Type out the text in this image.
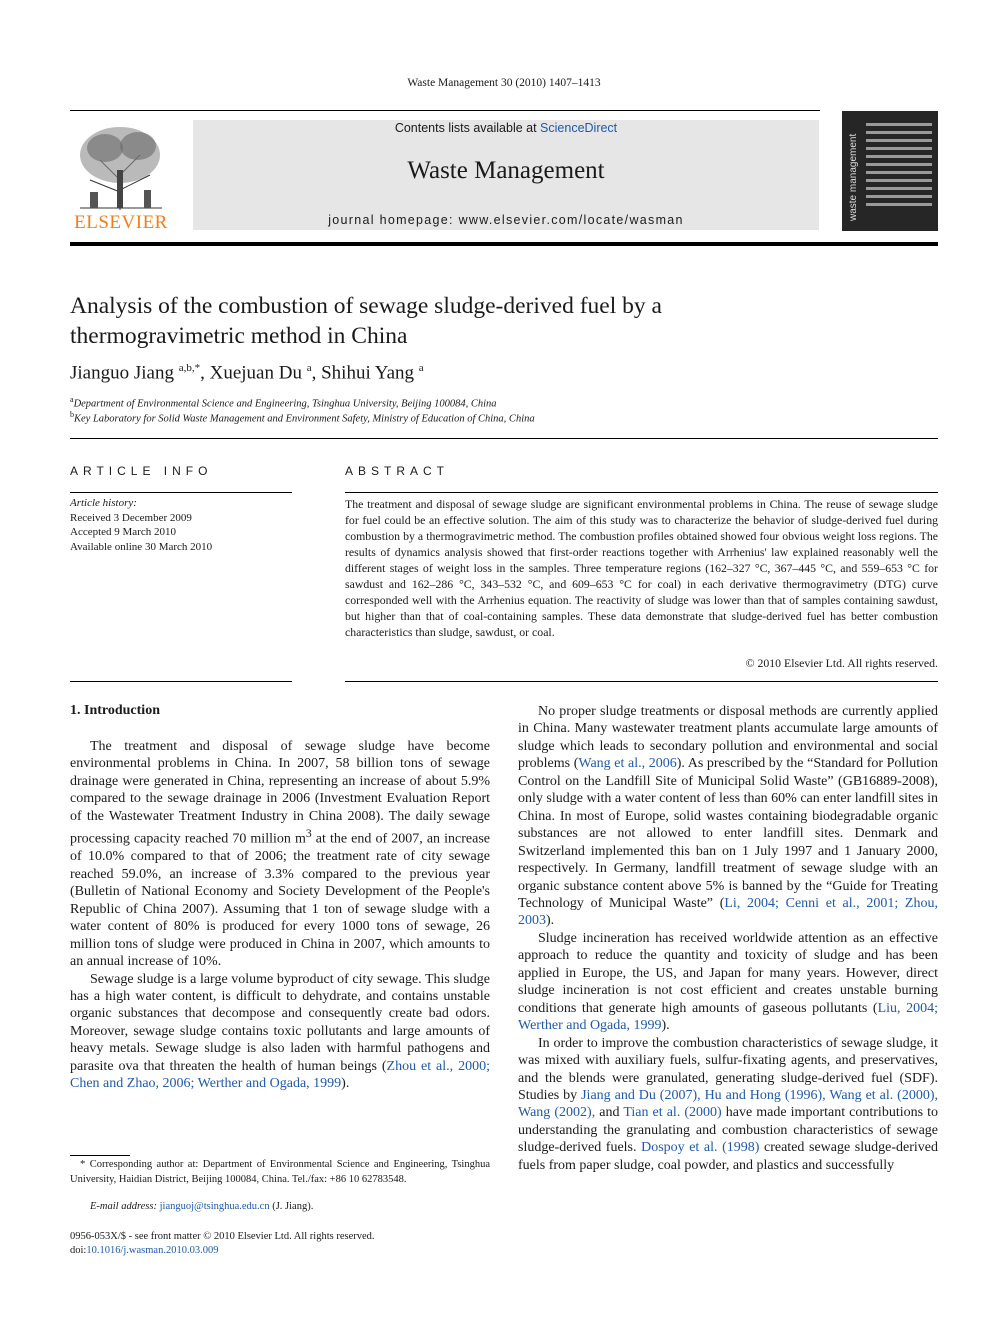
Waste Management 30 (2010) 1407–1413
ELSEVIER
Contents lists available at ScienceDirect
Waste Management
journal homepage: www.elsevier.com/locate/wasman	waste management
Analysis of the combustion of sewage sludge-derived fuel by a
thermogravimetric method in China
Jianguo Jiang $^{a,b,*}$, Xuejuan Du $^a$, Shihui Yang $^a$
$^a$Department of Environmental Science and Engineering, Tsinghua University, Beijing 100084, China
$^b$Key Laboratory for Solid Waste Management and Environment Safety, Ministry of Education of China, China
ARTICLE INFO
Article history:
Received 3 December 2009
Accepted 9 March 2010
Available online 30 March 2010
ABSTRACT
The treatment and disposal of sewage sludge are significant environmental problems in China. The reuse of sewage sludge for fuel could be an effective solution. The aim of this study was to characterize the behavior of sludge-derived fuel during combustion by a thermogravimetric method. The combustion profiles obtained showed four obvious weight loss regions. The results of dynamics analysis showed that first-order reactions together with Arrhenius' law explained reasonably well the different stages of weight loss in the samples. Three temperature regions (162–327 °C, 367–445 °C, and 559–653 °C for sawdust and 162–286 °C, 343–532 °C, and 609–653 °C for coal) in each derivative thermogravimetry (DTG) curve corresponded well with the Arrhenius equation. The reactivity of sludge was lower than that of samples containing sawdust, but higher than that of coal-containing samples. These data demonstrate that sludge-derived fuel has better combustion characteristics than sludge, sawdust, or coal.
© 2010 Elsevier Ltd. All rights reserved.
1. Introduction

The treatment and disposal of sewage sludge have become environmental problems in China. In 2007, 58 billion tons of sewage drainage were generated in China, representing an increase of about 5.9% compared to the sewage drainage in 2006 (Investment Evaluation Report of the Wastewater Treatment Industry in China 2008). The daily sewage processing capacity reached 70 million $m^3$ at the end of 2007, an increase of 10.0% compared to that of 2006; the treatment rate of city sewage reached 59.0%, an increase of 3.3% compared to the previous year (Bulletin of National Economy and Society Development of the People's Republic of China 2007). Assuming that 1 ton of sewage sludge with a water content of 80% is produced for every 1000 tons of sewage, 26 million tons of sludge were produced in China in 2007, which amounts to an annual increase of 10%.

Sewage sludge is a large volume byproduct of city sewage. This sludge has a high water content, is difficult to dehydrate, and contains unstable organic substances that decompose and consequently create bad odors. Moreover, sewage sludge contains toxic pollutants and large amounts of heavy metals. Sewage sludge is also laden with harmful pathogens and parasite ova that threaten the health of human beings (Zhou et al., 2000; Chen and Zhao, 2006; Werther and Ogada, 1999).

No proper sludge treatments or disposal methods are currently applied in China. Many wastewater treatment plants accumulate large amounts of sludge which leads to secondary pollution and environmental and social problems (Wang et al., 2006). As prescribed by the “Standard for Pollution Control on the Landfill Site of Municipal Solid Waste” (GB16889-2008), only sludge with a water content of less than 60% can enter landfill sites in China. In most of Europe, solid wastes containing biodegradable organic substances are not allowed to enter landfill sites. Denmark and Switzerland implemented this ban on 1 July 1997 and 1 January 2000, respectively. In Germany, landfill treatment of sewage sludge with an organic substance content above 5% is banned by the “Guide for Treating Technology of Municipal Waste” (Li, 2004; Cenni et al., 2001; Zhou, 2003).

Sludge incineration has received worldwide attention as an effective approach to reduce the quantity and toxicity of sludge and has been applied in Europe, the US, and Japan for many years. However, direct sludge incineration is not cost efficient and creates unstable burning conditions that generate high amounts of gaseous pollutants (Liu, 2004; Werther and Ogada, 1999).

In order to improve the combustion characteristics of sewage sludge, it was mixed with auxiliary fuels, sulfur-fixating agents, and preservatives, and the blends were granulated, generating sludge-derived fuel (SDF). Studies by Jiang and Du (2007), Hu and Hong (1996), Wang et al. (2000), Wang (2002), and Tian et al. (2000) have made important contributions to understanding the granulating and combustion characteristics of sewage sludge-derived fuels. Dospoy et al. (1998) created sewage sludge-derived fuels from paper sludge, coal powder, and plastics and successfully

* Corresponding author at: Department of Environmental Science and Engineering, Tsinghua University, Haidian District, Beijing 100084, China. Tel./fax: +86 10 62783548.
E-mail address: jianguoj@tsinghua.edu.cn (J. Jiang).
0956-053X/$ - see front matter © 2010 Elsevier Ltd. All rights reserved.
doi:10.1016/j.wasman.2010.03.009
